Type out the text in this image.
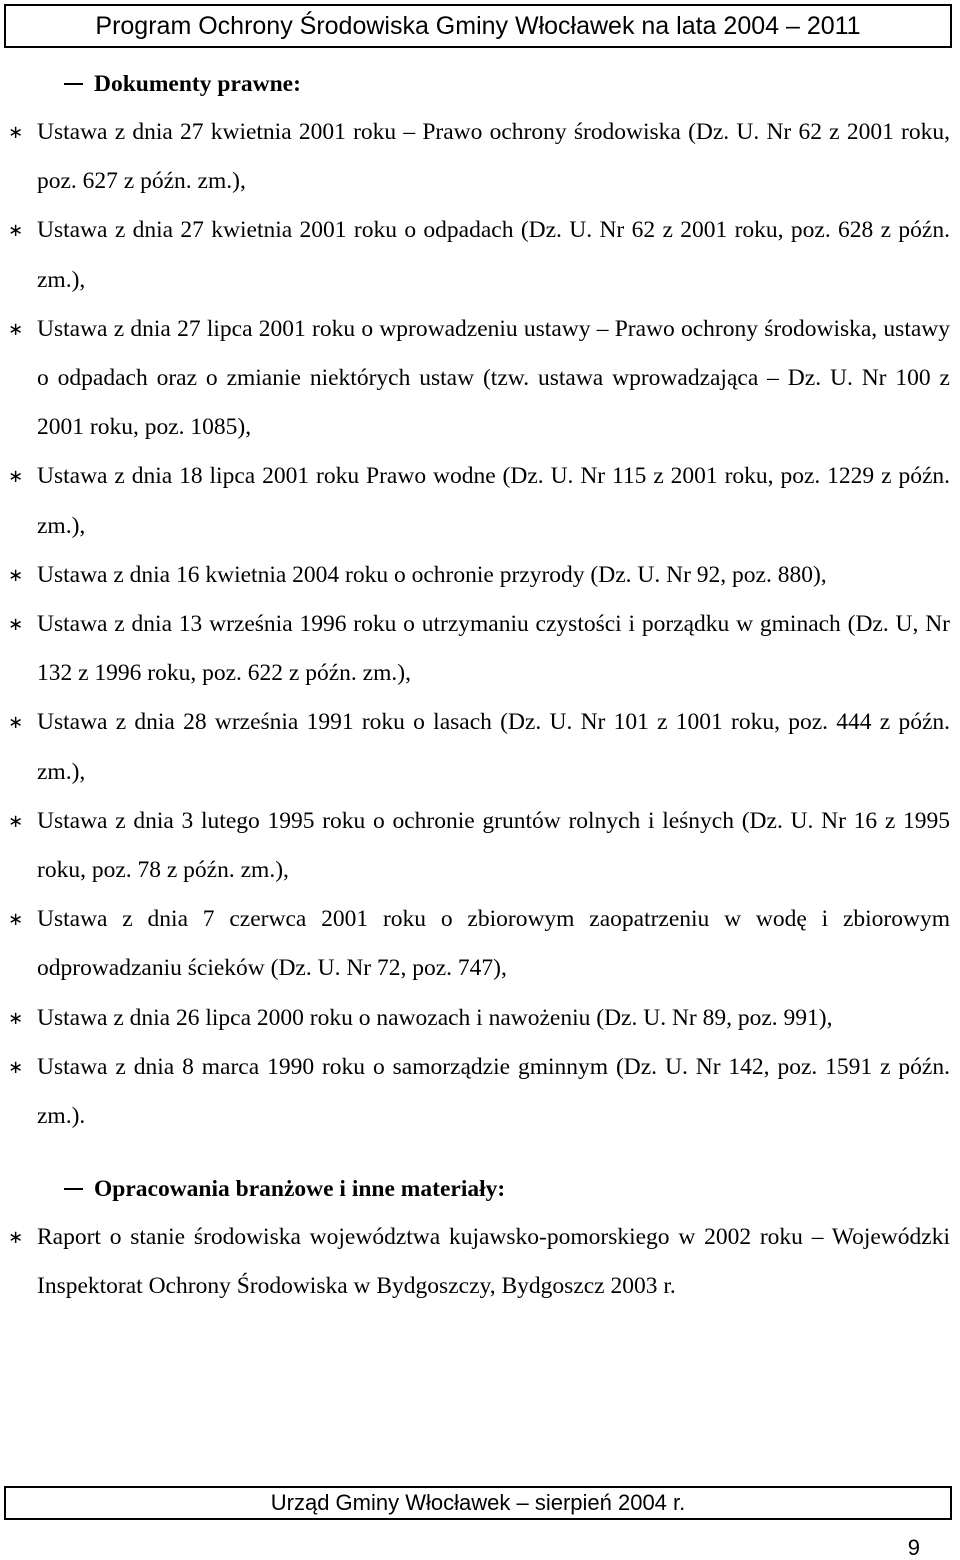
Program Ochrony Środowiska Gminy Włocławek na lata 2004 – 2011
Dokumenty prawne:
∗ Ustawa z dnia 27 kwietnia 2001 roku – Prawo ochrony środowiska (Dz. U. Nr 62 z 2001 roku, poz. 627 z późn. zm.),
∗ Ustawa z dnia 27 kwietnia 2001 roku o odpadach (Dz. U. Nr 62 z 2001 roku, poz. 628 z późn. zm.),
∗ Ustawa z dnia 27 lipca 2001 roku o wprowadzeniu ustawy – Prawo ochrony środowiska, ustawy o odpadach oraz o zmianie niektórych ustaw (tzw. ustawa wprowadzająca – Dz. U. Nr 100 z 2001 roku, poz. 1085),
∗ Ustawa z dnia 18 lipca 2001 roku Prawo wodne (Dz. U. Nr 115 z 2001 roku, poz. 1229 z późn. zm.),
∗ Ustawa z dnia 16 kwietnia 2004 roku o ochronie przyrody (Dz. U. Nr 92, poz. 880),
∗ Ustawa z dnia 13 września 1996 roku o utrzymaniu czystości i porządku w gminach (Dz. U, Nr 132 z 1996 roku, poz. 622 z późn. zm.),
∗ Ustawa z dnia 28 września 1991 roku o lasach (Dz. U. Nr 101 z 1001 roku, poz. 444 z późn. zm.),
∗ Ustawa z dnia 3 lutego 1995 roku o ochronie gruntów rolnych i leśnych (Dz. U. Nr 16 z 1995 roku, poz. 78 z późn. zm.),
∗ Ustawa z dnia 7 czerwca 2001 roku o zbiorowym zaopatrzeniu w wodę i zbiorowym odprowadzaniu ścieków (Dz. U. Nr 72, poz. 747),
∗ Ustawa z dnia 26 lipca 2000 roku o nawozach i nawożeniu (Dz. U. Nr 89, poz. 991),
∗ Ustawa z dnia 8 marca 1990 roku o samorządzie gminnym (Dz. U. Nr 142, poz. 1591 z późn. zm.).
Opracowania branżowe i inne materiały:
∗ Raport o stanie środowiska województwa kujawsko-pomorskiego w 2002 roku – Wojewódzki Inspektorat Ochrony Środowiska w Bydgoszczy, Bydgoszcz 2003 r.
Urząd Gminy Włocławek – sierpień 2004 r.
9
